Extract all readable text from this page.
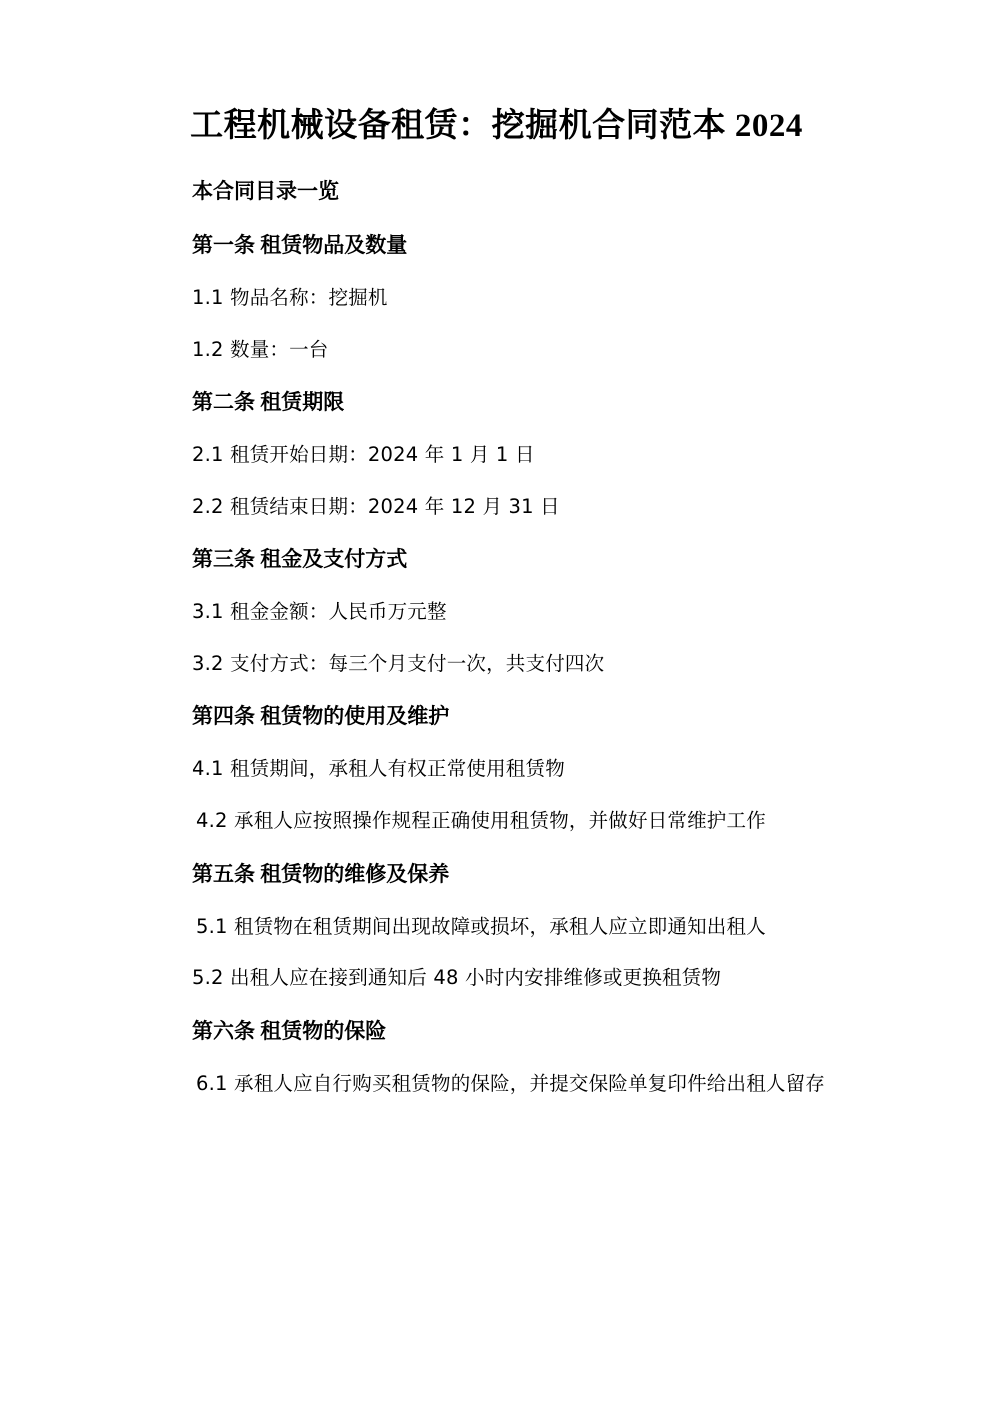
工程机械设备租赁：挖掘机合同范本 2024

本合同目录一览

第一条 租赁物品及数量

1.1 物品名称：挖掘机

1.2 数量：一台

第二条 租赁期限

2.1 租赁开始日期：2024 年 1 月 1 日

2.2 租赁结束日期：2024 年 12 月 31 日

第三条 租金及支付方式

3.1 租金金额：人民币万元整

3.2 支付方式：每三个月支付一次，共支付四次

第四条 租赁物的使用及维护

4.1 租赁期间，承租人有权正常使用租赁物

4.2 承租人应按照操作规程正确使用租赁物，并做好日常维护工作

第五条 租赁物的维修及保养

5.1 租赁物在租赁期间出现故障或损坏，承租人应立即通知出租人

5.2 出租人应在接到通知后 48 小时内安排维修或更换租赁物

第六条 租赁物的保险

6.1 承租人应自行购买租赁物的保险，并提交保险单复印件给出租人留存
